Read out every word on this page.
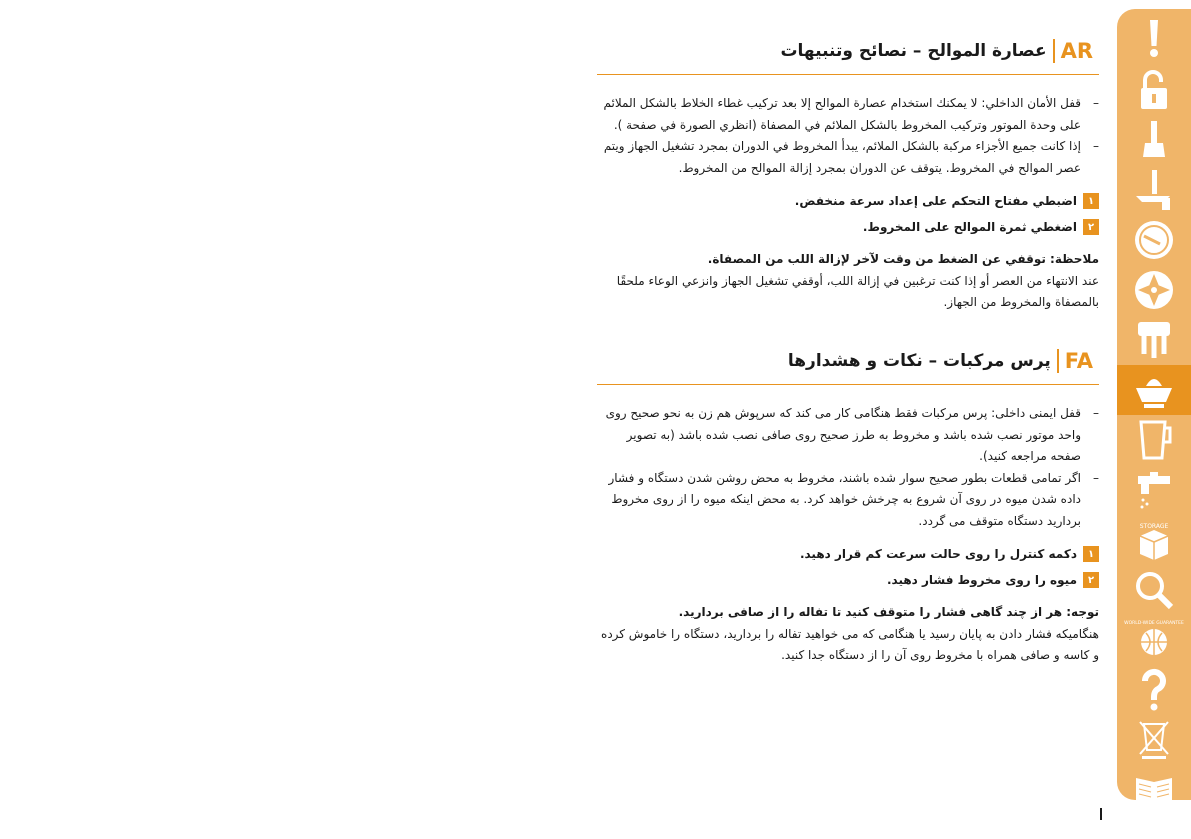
AR
عصارة الموالح – نصائح وتنبيهات
– قفل الأمان الداخلي: لا يمكنك استخدام عصارة الموالح إلا بعد تركيب غطاء الخلاط بالشكل الملائم على وحدة الموتور وتركيب المخروط بالشكل الملائم في المصفاة (انظري الصورة في صفحة ).
– إذا كانت جميع الأجزاء مركبة بالشكل الملائم، يبدأ المخروط في الدوران بمجرد تشغيل الجهاز ويتم عصر الموالح في المخروط. يتوقف عن الدوران بمجرد إزالة الموالح من المخروط.
١
اضبطي مفتاح التحكم على إعداد سرعة منخفض.
٢
اضغطي ثمرة الموالح على المخروط.
ملاحظة: توقفي عن الضغط من وقت لآخر لإزالة اللب من المصفاة.
عند الانتهاء من العصر أو إذا كنت ترغبين في إزالة اللب، أوقفي تشغيل الجهاز وانزعي الوعاء ملحقًا بالمصفاة والمخروط من الجهاز.
FA
پرس مرکبات – نکات و هشدارها
– قفل ایمنی داخلی: پرس مرکبات فقط هنگامی کار می کند که سرپوش هم زن به نحو صحیح روی واحد موتور نصب شده باشد و مخروط به طرز صحیح روی صافی نصب شده باشد (به تصویر صفحه مراجعه کنید).
– اگر تمامی قطعات بطور صحیح سوار شده باشند، مخروط به محض روشن شدن دستگاه و فشار داده شدن میوه در روی آن شروع به چرخش خواهد کرد. به محض اینکه میوه را از روی مخروط برداريد دستگاه متوقف می گردد.
١
دکمه کنترل را روی حالت سرعت کم قرار دهید.
٢
میوه را روی مخروط فشار دهید.
توجه: هر از چند گاهی فشار را متوقف کنید تا تفاله را از صافی بردارید.
هنگامیکه فشار دادن به پایان رسید یا هنگامی که می خواهید تفاله را بردارید، دستگاه را خاموش کرده و کاسه و صافی همراه با مخروط روی آن را از دستگاه جدا کنید.
STORAGE
WORLD-WIDE GUARANTEE
